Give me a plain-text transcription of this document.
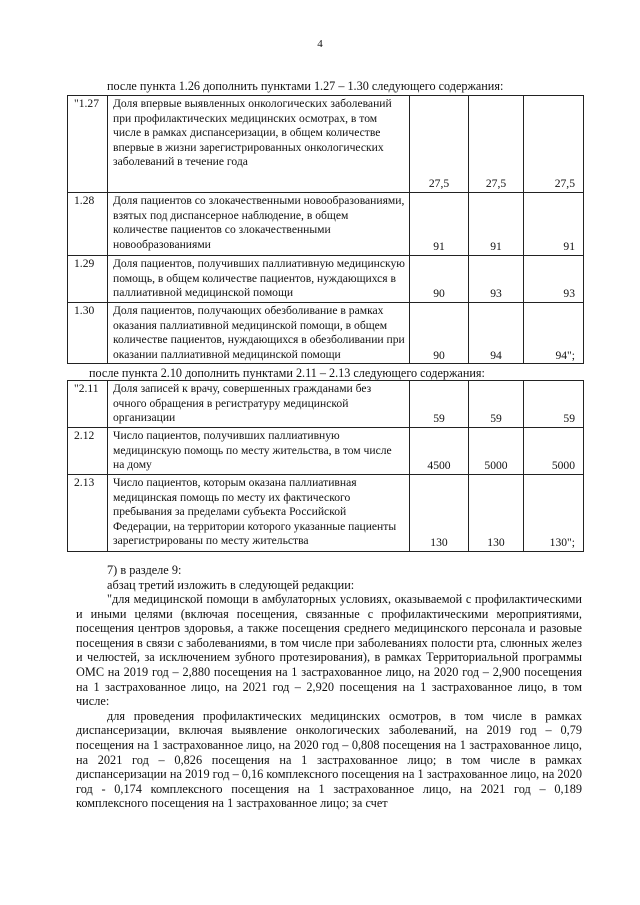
4
после пункта 1.26 дополнить пунктами 1.27 – 1.30 следующего содержания:
"1.27	Доля впервые выявленных онкологических заболеваний при профилактических медицинских осмотрах, в том числе в рамках диспансеризации, в общем количестве впервые в жизни зарегистрированных онкологических заболеваний в течение года	27,5	27,5	27,5
1.28	Доля пациентов со злокачественными новообразованиями, взятых под диспансерное наблюдение, в общем количестве пациентов со злокачественными новообразованиями	91	91	91
1.29	Доля пациентов, получивших паллиативную медицинскую помощь, в общем количестве пациентов, нуждающихся в паллиативной медицинской помощи	90	93	93
1.30	Доля пациентов, получающих обезболивание в рамках оказания паллиативной медицинской помощи, в общем количестве пациентов, нуждающихся в обезболивании при оказании паллиативной медицинской помощи	90	94	94";
после пункта 2.10 дополнить пунктами 2.11 – 2.13 следующего содержания:
"2.11	Доля записей к врачу, совершенных гражданами без очного обращения в регистратуру медицинской организации	59	59	59
2.12	Число пациентов, получивших паллиативную медицинскую помощь по месту жительства, в том числе на дому	4500	5000	5000
2.13	Число пациентов, которым оказана паллиативная медицинская помощь по месту их фактического пребывания за пределами субъекта Российской Федерации, на территории которого указанные пациенты зарегистрированы по месту жительства	130	130	130";
7) в разделе 9:
абзац третий изложить в следующей редакции:

"для медицинской помощи в амбулаторных условиях, оказываемой с профилактическими и иными целями (включая посещения, связанные с профилактическими мероприятиями, посещения центров здоровья, а также посещения среднего медицинского персонала и разовые посещения в связи с заболеваниями, в том числе при заболеваниях полости рта, слюнных желез и челюстей, за исключением зубного протезирования), в рамках Территориальной программы ОМС на 2019 год – 2,880 посещения на 1 застрахованное лицо, на 2020 год – 2,900 посещения на 1 застрахованное лицо, на 2021 год – 2,920 посещения на 1 застрахованное лицо, в том числе:

для проведения профилактических медицинских осмотров, в том числе в рамках диспансеризации, включая выявление онкологических заболеваний, на 2019 год – 0,79 посещения на 1 застрахованное лицо, на 2020 год – 0,808 посещения на 1 застрахованное лицо, на 2021 год – 0,826 посещения на 1 застрахованное лицо; в том числе в рамках диспансеризации на 2019 год – 0,16 комплексного посещения на 1 застрахованное лицо, на 2020 год - 0,174 комплексного посещения на 1 застрахованное лицо, на 2021 год – 0,189 комплексного посещения на 1 застрахованное лицо; за счет
